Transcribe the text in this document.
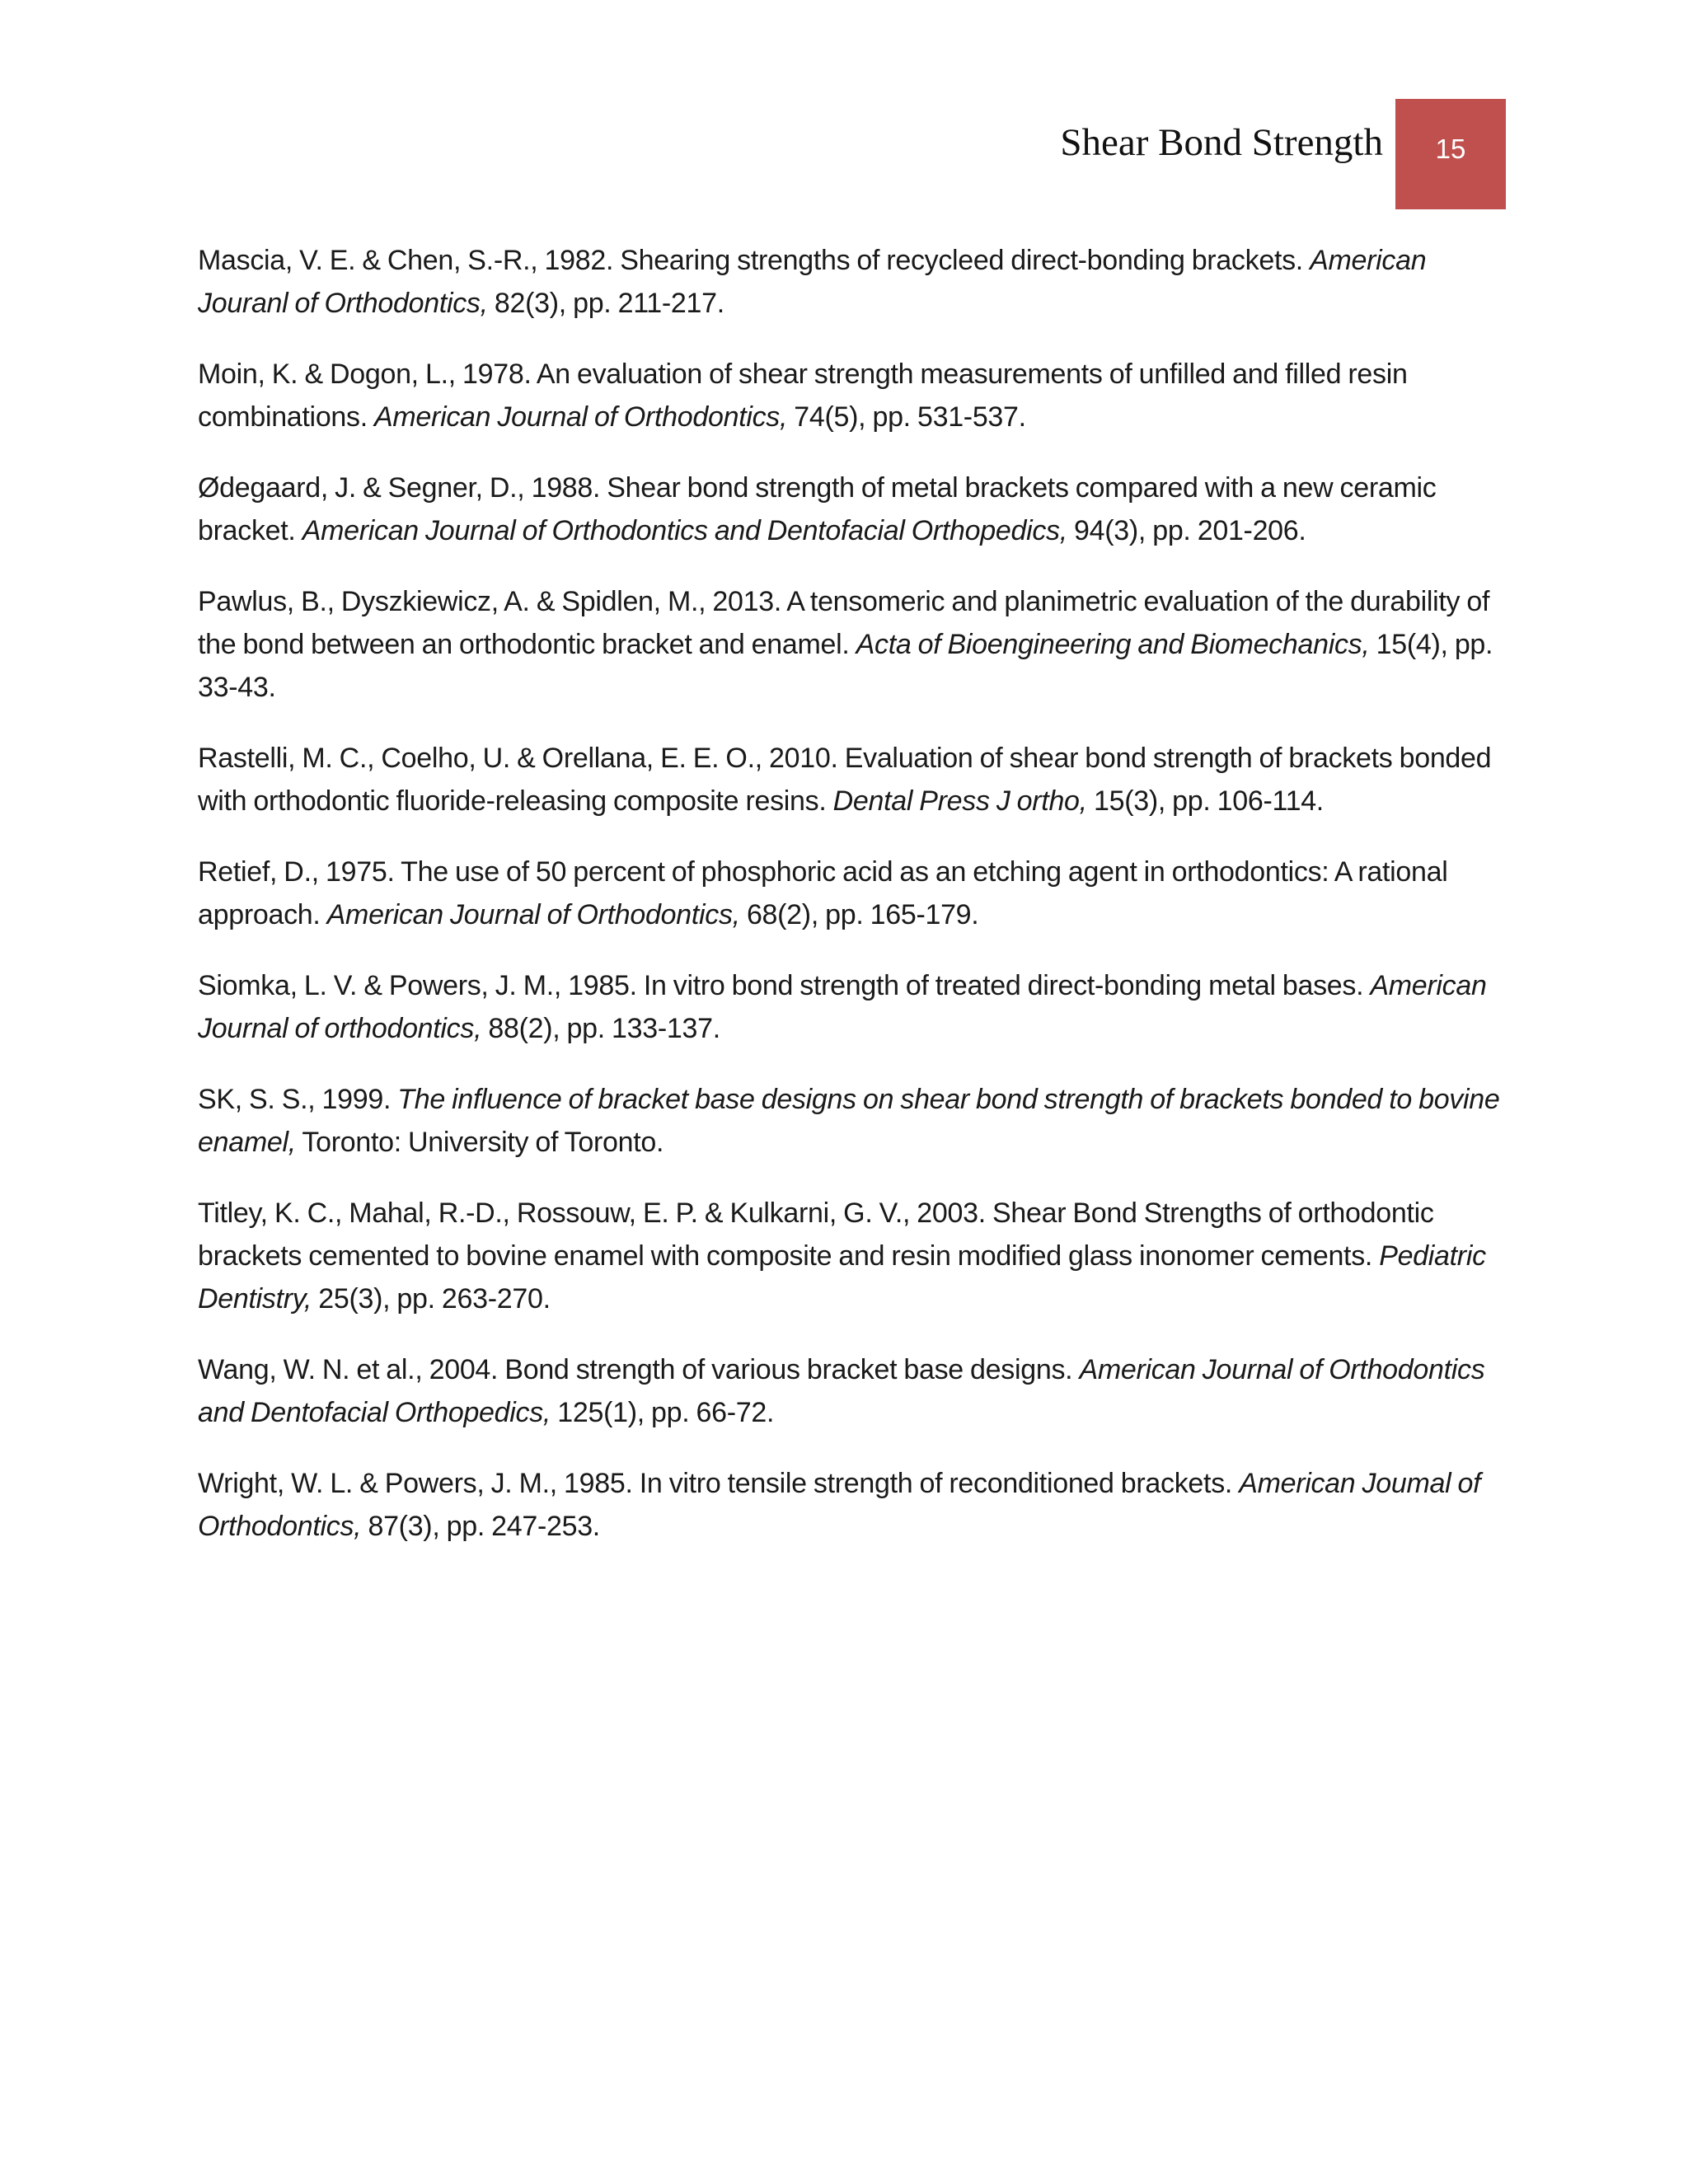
Shear Bond Strength 15

Mascia, V. E. & Chen, S.-R., 1982. Shearing strengths of recycleed direct-bonding brackets. American Jouranl of Orthodontics, 82(3), pp. 211-217.

Moin, K. & Dogon, L., 1978. An evaluation of shear strength measurements of unfilled and filled resin combinations. American Journal of Orthodontics, 74(5), pp. 531-537.

Ødegaard, J. & Segner, D., 1988. Shear bond strength of metal brackets compared with a new ceramic bracket. American Journal of Orthodontics and Dentofacial Orthopedics, 94(3), pp. 201-206.

Pawlus, B., Dyszkiewicz, A. & Spidlen, M., 2013. A tensomeric and planimetric evaluation of the durability of the bond between an orthodontic bracket and enamel. Acta of Bioengineering and Biomechanics, 15(4), pp. 33-43.

Rastelli, M. C., Coelho, U. & Orellana, E. E. O., 2010. Evaluation of shear bond strength of brackets bonded with orthodontic fluoride-releasing composite resins. Dental Press J ortho, 15(3), pp. 106-114.

Retief, D., 1975. The use of 50 percent of phosphoric acid as an etching agent in orthodontics: A rational approach. American Journal of Orthodontics, 68(2), pp. 165-179.

Siomka, L. V. & Powers, J. M., 1985. In vitro bond strength of treated direct-bonding metal bases. American Journal of orthodontics, 88(2), pp. 133-137.

SK, S. S., 1999. The influence of bracket base designs on shear bond strength of brackets bonded to bovine enamel, Toronto: University of Toronto.

Titley, K. C., Mahal, R.-D., Rossouw, E. P. & Kulkarni, G. V., 2003. Shear Bond Strengths of orthodontic brackets cemented to bovine enamel with composite and resin modified glass inonomer cements. Pediatric Dentistry, 25(3), pp. 263-270.

Wang, W. N. et al., 2004. Bond strength of various bracket base designs. American Journal of Orthodontics and Dentofacial Orthopedics, 125(1), pp. 66-72.

Wright, W. L. & Powers, J. M., 1985. In vitro tensile strength of reconditioned brackets. American Joumal of Orthodontics, 87(3), pp. 247-253.
